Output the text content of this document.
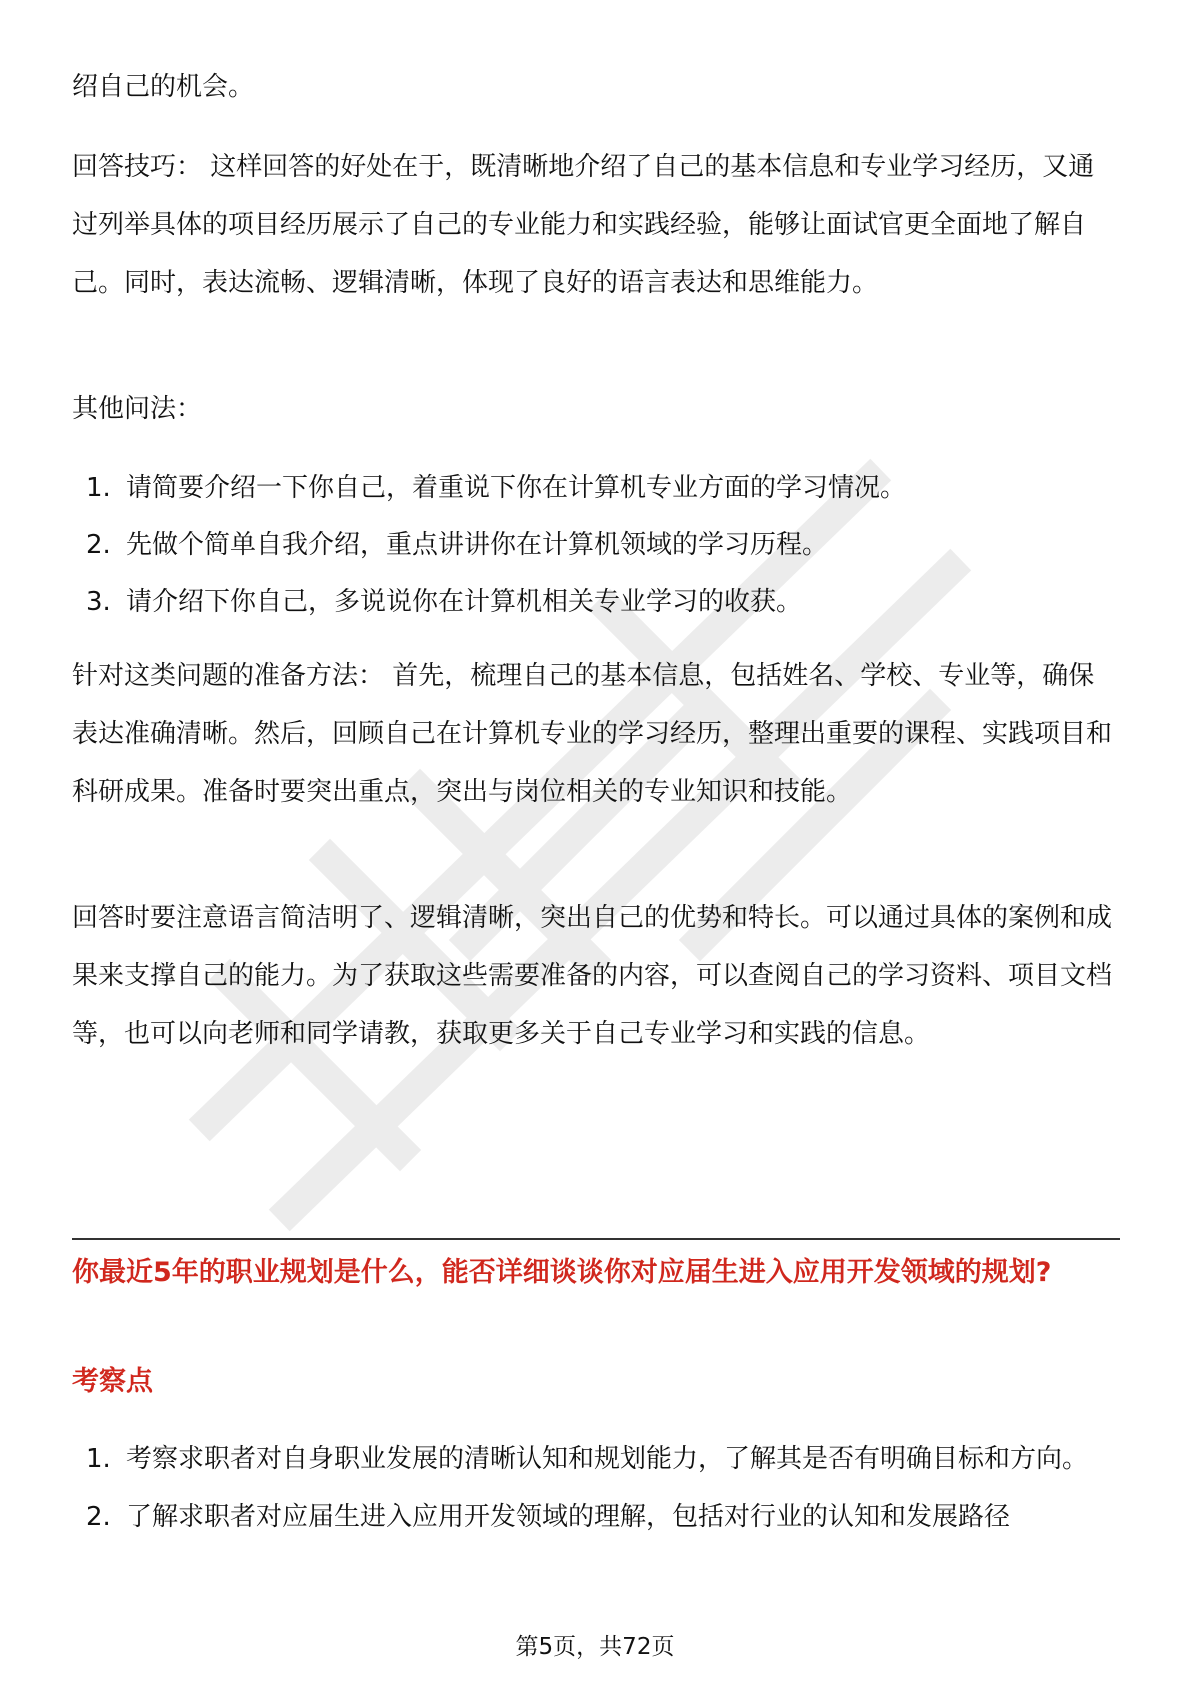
绍自己的机会。

回答技巧： 这样回答的好处在于，既清晰地介绍了自己的基本信息和专业学习经历，又通过列举具体的项目经历展示了自己的专业能力和实践经验，能够让面试官更全面地了解自己。同时，表达流畅、逻辑清晰，体现了良好的语言表达和思维能力。

其他问法：

1. 请简要介绍一下你自己，着重说下你在计算机专业方面的学习情况。
2. 先做个简单自我介绍，重点讲讲你在计算机领域的学习历程。
3. 请介绍下你自己，多说说你在计算机相关专业学习的收获。

针对这类问题的准备方法： 首先，梳理自己的基本信息，包括姓名、学校、专业等，确保表达准确清晰。然后，回顾自己在计算机专业的学习经历，整理出重要的课程、实践项目和科研成果。准备时要突出重点，突出与岗位相关的专业知识和技能。

回答时要注意语言简洁明了、逻辑清晰，突出自己的优势和特长。可以通过具体的案例和成果来支撑自己的能力。为了获取这些需要准备的内容，可以查阅自己的学习资料、项目文档等，也可以向老师和同学请教，获取更多关于自己专业学习和实践的信息。

你最近5年的职业规划是什么，能否详细谈谈你对应届生进入应用开发领域的规划?
考察点
1. 考察求职者对自身职业发展的清晰认知和规划能力，了解其是否有明确目标和方向。
2. 了解求职者对应届生进入应用开发领域的理解，包括对行业的认知和发展路径
第5页，共72页
